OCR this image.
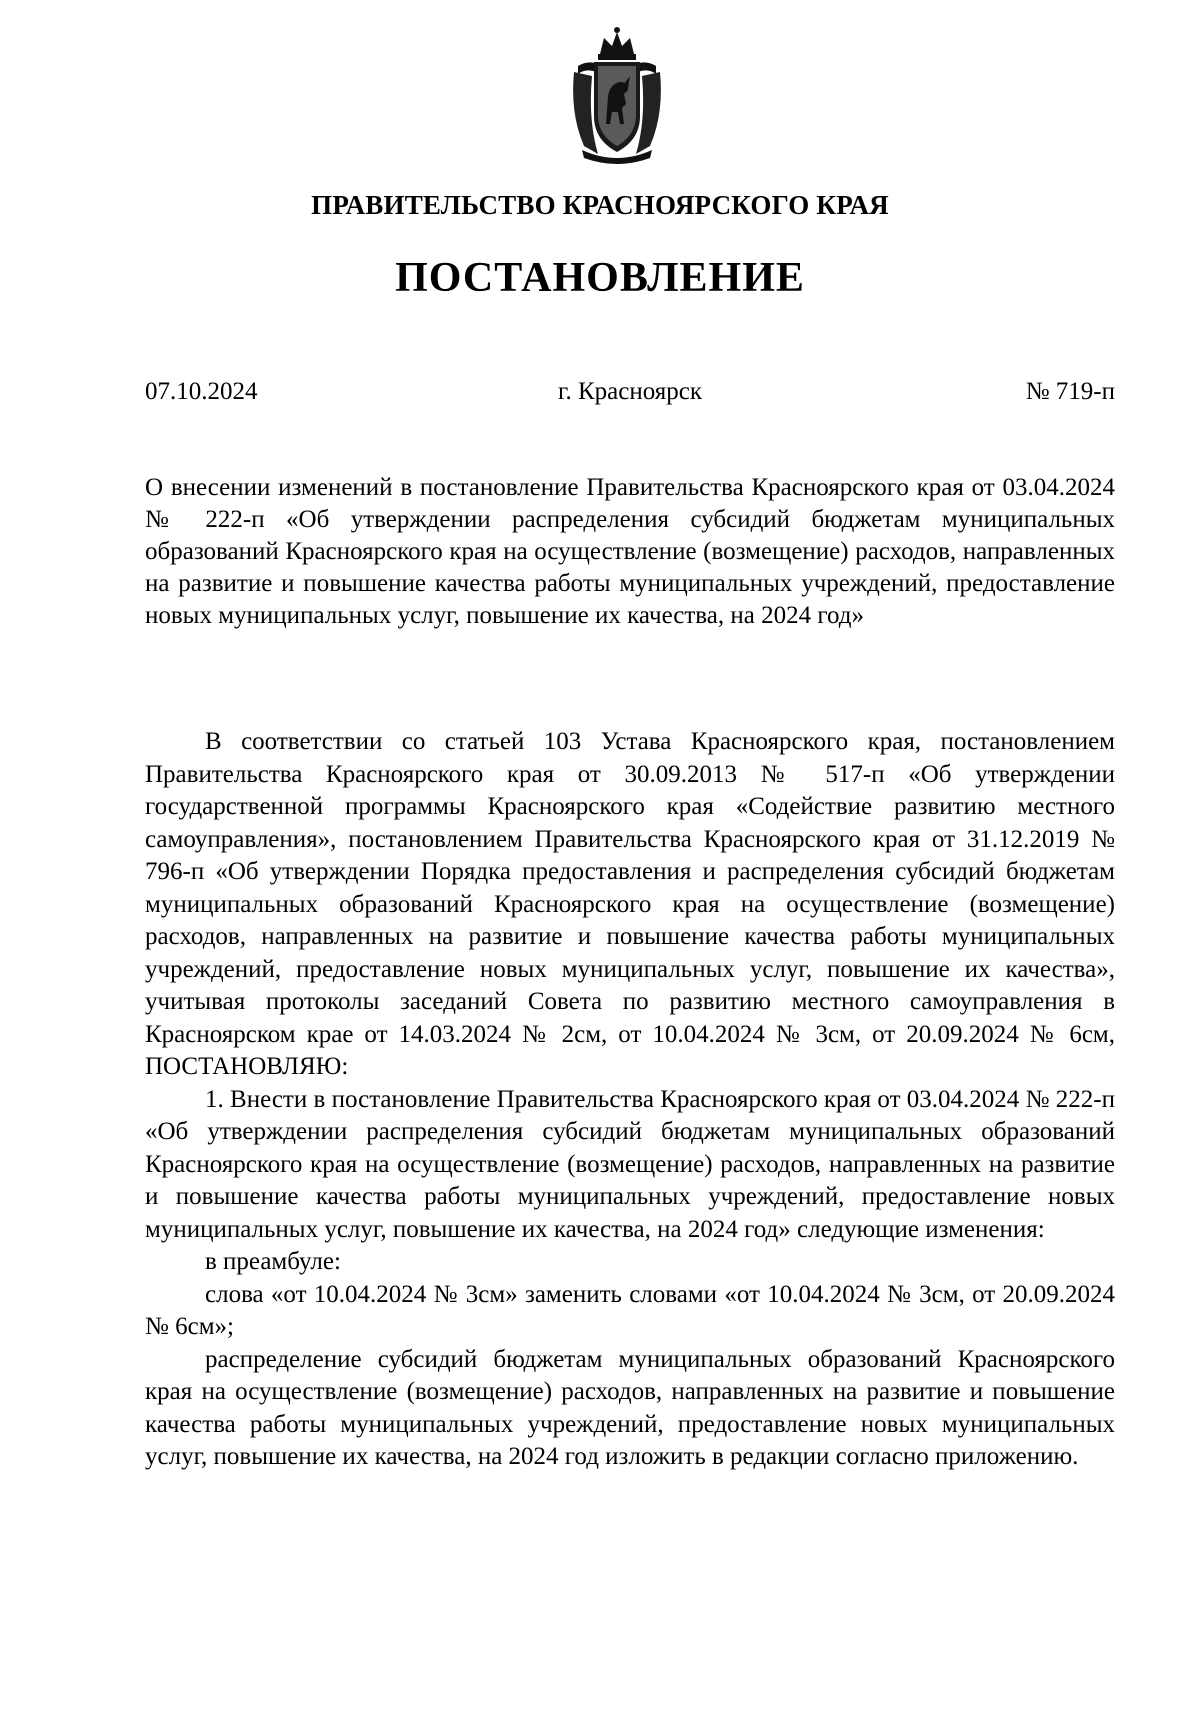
ПРАВИТЕЛЬСТВО КРАСНОЯРСКОГО КРАЯ
ПОСТАНОВЛЕНИЕ
г. Красноярск
07.10.2024	№ 719-п
О внесении изменений в постановление Правительства Красноярского края от 03.04.2024 № 222-п «Об утверждении распределения субсидий бюджетам муниципальных образований Красноярского края на осуществление (возмещение) расходов, направленных на развитие и повышение качества работы муниципальных учреждений, предоставление новых муниципальных услуг, повышение их качества, на 2024 год»

В соответствии со статьей 103 Устава Красноярского края, постановлением Правительства Красноярского края от 30.09.2013 № 517-п «Об утверждении государственной программы Красноярского края «Содействие развитию местного самоуправления», постановлением Правительства Красноярского края от 31.12.2019 № 796-п «Об утверждении Порядка предоставления и распределения субсидий бюджетам муниципальных образований Красноярского края на осуществление (возмещение) расходов, направленных на развитие и повышение качества работы муниципальных учреждений, предоставление новых муниципальных услуг, повышение их качества», учитывая протоколы заседаний Совета по развитию местного самоуправления в Красноярском крае от 14.03.2024 № 2см, от 10.04.2024 № 3см, от 20.09.2024 № 6см, ПОСТАНОВЛЯЮ:

1. Внести в постановление Правительства Красноярского края от 03.04.2024 № 222-п «Об утверждении распределения субсидий бюджетам муниципальных образований Красноярского края на осуществление (возмещение) расходов, направленных на развитие и повышение качества работы муниципальных учреждений, предоставление новых муниципальных услуг, повышение их качества, на 2024 год» следующие изменения:

в преамбуле:

слова «от 10.04.2024 № 3см» заменить словами «от 10.04.2024 № 3см, от 20.09.2024 № 6см»;

распределение субсидий бюджетам муниципальных образований Красноярского края на осуществление (возмещение) расходов, направленных на развитие и повышение качества работы муниципальных учреждений, предоставление новых муниципальных услуг, повышение их качества, на 2024 год изложить в редакции согласно приложению.
